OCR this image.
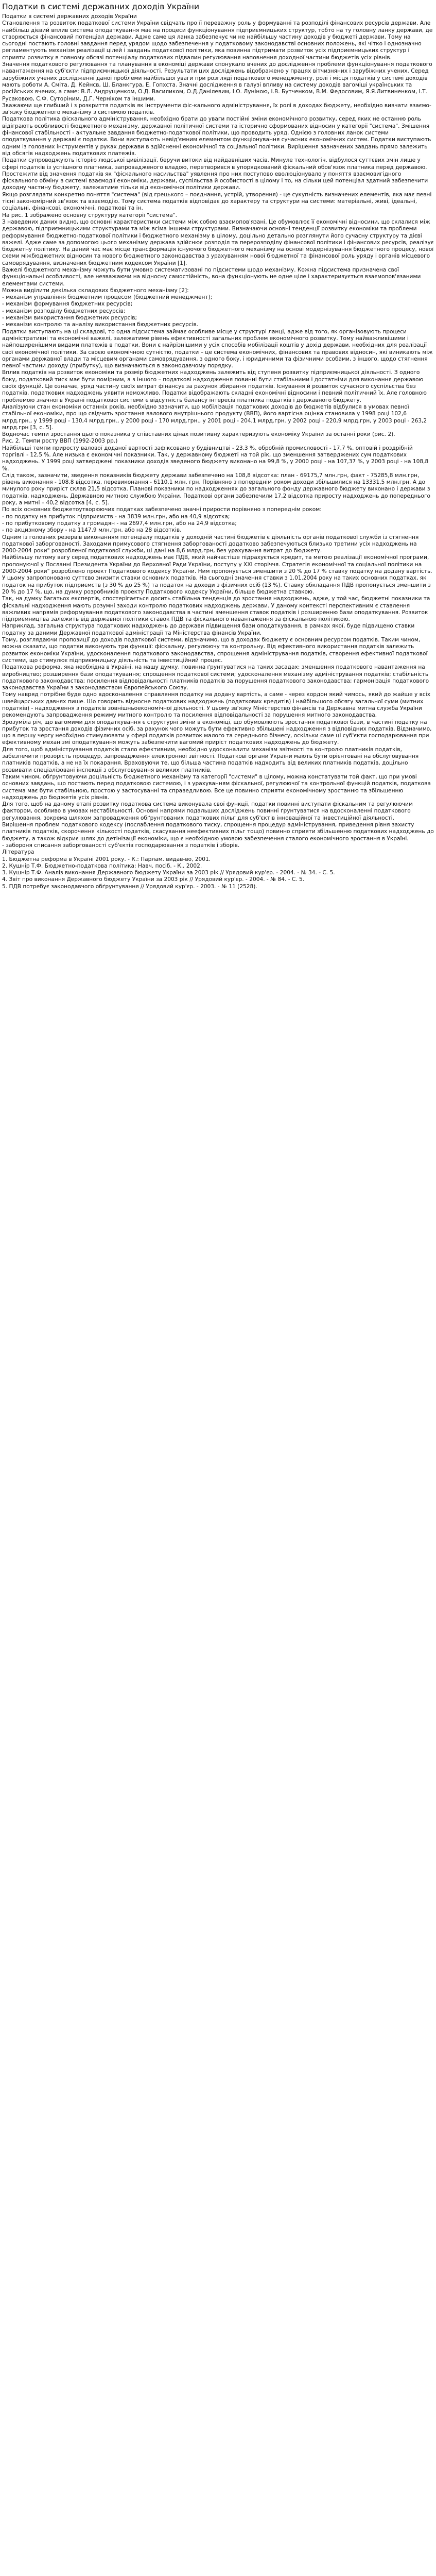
Податки в системі державних доходів України

Податки в системі державних доходів України

Становлення та розвиток податкової системи України свідчать про її переважну роль у формуванні та розподілі фінансових ресурсів держави. Але найбільш дієвий вплив система оподаткування має на процеси функціонування підприємницьких структур, тобто на ту головну ланку держави, де створюється фінансовий потенціал держави. Адже саме ця ланка забезпечує чи не найбільшу частину доходів у бюджеті держави. Тому на сьогодні постають головні завдання перед урядом щодо забезпечення у податковому законодавстві основних положень, які чітко і однозначно регламентують механізм реалізації цілей і завдань податкової політики, яка повинна підтримати розвиток усіх підприємницьких структур і сприяти розвитку в повному обсязі потенціалу податкових підвалин регулювання наповнення доходної частини бюджетів усіх рівнів.

Значення податкового регулювання та планування в економіці держави спонукало вчених до дослідження проблеми функціонування податкового навантаження на суб'єкти підприємницької діяльності. Результати цих досліджень відображено у працях вітчизняних і зарубіжних учених. Серед зарубіжних учених дослідженні даної проблеми найбільшої уваги при розгляді податкового менеджменту, ролі і місця податків у системі доходів мають роботи А. Сміта, Д. Кейнсв, Ш. Бланкгура, Е. Гопхста. Значні дослідження в галузі впливу на систему доходів вагоміші українських та російських вчених, а саме: В.Л. Андрущенком, О.Д. Василиком, О.Д.Данілевим, І.О. Луніною, І.В. Бутченком, В.М. Федосовим, Я.Я.Литвиненком, І.Т. Русаковою, С.Ф. Суторіним, Д.Г. Черніком та іншими.

Зважаючи ще глибший і з розкриття податків як інструменти фіс-кального адміністрування, їх ролі в доходах бюджету, необхідно вивчати взаємо-зв'язку бюджетного механізму з системою податків.

Податкова політика фіскального адміністрування, необхідно брати до уваги постійні зміни економічного розвитку, серед яких не останню роль відіграють особливості бюджетного механізму, державної політичної системи та історично сформованих відносин у категорії "система". Змішення фінансової стабільності - актуальне завдання бюджетно-податкової політики, що проводить уряд. Однією з головних ланок системи оподаткування у державі є податки. Вони виступають невід'ємним елементом функціонування сучасних економічних систем. Податки виступають одним із головних інструментів у руках держави в здійсненні економічної та соціальної політики. Вирішення зазначених завдань прямо залежить від обсягів надходжень податкових платежів.

Податки супроводжують історію людської цивілізації, беручи витоки від найдавніших часів. Минуле технологіч. відбулося суттєвих змін лише у сфері податків із успішного платника, запровадженого владою, перетворився в упорядкований фіскальний обов'язок платника перед державою. Простежити від значення податків як "фіскального насильства" уявлення про них поступово еволюціонувало у поняття взаємовигідного фіскального обміну в системі взаємодії економіки, держави, суспільства й особистості в цілому і то, на сільки цей потенціал здатний забезпечити доходну частину бюджету, залежатиме тільки від економічної політики держави.

Якщо розглядати конкретно поняття "система" (від грецького – поєднання, устрій, утворення) - це сукупність визначених елементів, яка має певні тісні закономірний зв'язок та взаємодію. Тому система податків відповідає до характеру та структури на системи: матеріальні, живі, ідеальні, соціальні, фінансові, економічні, податкові та ін.

На рис. 1 зображено основну структуру категорії "система".

З наведених даних видно, що основні характеристики системи між собою взаємопов'язані. Це обумовлює її економічні відносини, що склалися між державою, підприємницькими структурами та між всіма іншими структурами. Визначаючи основні тенденції розвитку економіки та проблеми реформування бюджетно-податкової політики і бюджетного механізму в цілому, доцільно детально розглянути його сучасну структуру та дієві важелі. Адже саме за допомогою цього механізму держава здійснює розподіл та перерозподілу фінансової політики і фінансових ресурсів, реалізує бюджетну політику. На даний час має місце трансформація існуючого бюджетного механізму на основі модернізування бюджетного процесу, нової схеми міжбюджетних відносин та нового бюджетного законодавства з урахуванням нової бюджетної та фінансової роль уряду і органів місцевого самоврядування, визначених бюджетним кодексом України [1].

Важелі бюджетного механізму можуть бути умовно систематизовані по підсистеми щодо механізму. Кожна підсистема призначена свої функціональні особливості, але незважаючи на відносну самостійність, вона функціонують не одне ціле і характеризується взаємопов'язаними елементами системи.

Можна виділити декілька складових бюджетного механізму [2]:

- механізм управління бюджетним процесом (бюджетний менеджмент);

- механізм формування бюджетних ресурсів;

- механізм розподілу бюджетних ресурсів;

- механізм використання бюджетних ресурсів;

- механізм контролю та аналізу використання бюджетних ресурсів.

Податки виступають на ці складові, то одна підсистема займає особливе місце у структурі ланці, адже від того, як організовують процеси адміністративні та економічні важелі, залежатиме рівень ефективності загальних проблем економічного розвитку. Тому найважливішими і найпоширенішими видами платежів в податки. Вони є найрізнішими у усіх способів мобілізації коштів у дохід держави, необхідних для реалізації свої економічної політики. За своєю економічною сутністю, податки – це система економічних, фінансових та правових відносин, які виникають між органами державної влади та місцевим органами самоврядування, з одного боку, і юридичними та фізичними особами, з іншого, щодо стягнення певної частини доходу (прибутку), що визначаються в законодавчому порядку.

Вплив податків на розвиток економіки та розмір бюджетних надходжень залежить від ступеня розвитку підприємницької діяльності. З одного боку, податковий тиск має бути помірним, а з іншого – податкові надходження повинні бути стабільними і достатніми для виконання державою своїх функцій. Це означає, уряд частину своїх витрат фінансує за рахунок збирання податків. Існування й розвиток сучасного суспільства без податків, податкових надходжень уявити неможливо. Податки відображають складні економічні відносини і певний політичний їх. Але головною проблемою значної в Україні податкової системи є відсутність балансу інтересів платника податків і державного бюджету.

Аналізуючи стан економіки останніх років, необхідно зазначити, що мобілізація податкових доходів до бюджетів відбулися в умовах певної стабільної економіки, про що свідчить зростання валового внутрішнього продукту (ВВП), його вартісна оцінка становила у 1998 році 102,6 млрд.грн., у 1999 році - 130,4 млрд.грн., у 2000 році - 170 млрд.грн., у 2001 році - 204,1 млрд.грн. у 2002 році - 220,9 млрд.грн, у 2003 році - 263,2 млрд.грн [3, с. 5].

Водночас темпи зростання цього показника у співставних цінах позитивну характеризують економіку України за останні роки (рис. 2).

Рис. 2. Темпи росту ВВП (1992-2003 рр.)

Найбільші темпи приросту валової доданої вартості зафіксовано у будівництві - 23,3 %, обробній промисловості - 17,7 %, оптовій і роздрібній торгівлі - 12,5 %. Але низька є економічні показники. Так, у державному бюджеті на той рік, що зменшення затверджених сум податкових надходжень. У 1999 році затверджені показники доходів зведеного бюджету виконано на 99,8 %, у 2000 році - на 107,37 %, у 2003 році - на 108,8 %.

Слід також, зазначити, зведення показників бюджету держави забезпечено на 108,8 відсотка: план - 69175,7 млн.грн, факт - 75285,8 млн.грн, рівень виконання - 108,8 відсотка, перевиконання - 6110,1 млн. грн. Порівняно з попереднім роком доходи збільшилися на 13331,5 млн.грн. А до минулого року приріст склав 21,5 відсотка. Планові показники по надходженнях до загального фонду державного бюджету виконано і держави з податків, надходжень, Державною митною службою України. Податкові органи забезпечили 17,2 відсотка приросту надходжень до попереднього року, а митні – 40,2 відсотка [4, с. 5].

По всіх основних бюджетоутворюючих податках забезпечено значні прирости порівняно з попереднім роком:

- по податку на прибуток підприємств - на 3839 млн.грн, або на 40,9 відсотка;

- по прибутковому податку з громадян - на 2697,4 млн.грн, або на 24,9 відсотка;

- по акцизному збору - на 1147,9 млн.грн, або на 28 відсотків.

Одним із головних резервів виконанням потенціалу податків у доходній частині бюджетів є діяльність органів податкової служби із стягнення податкової заборгованості. Заходами примусового стягнення заборгованості додатково забезпечуються близько третини усіх надходжень на 2000-2004 роки" розробленої податкової служби, ці дані на 8,6 млрд.грн, без урахування витрат до бюджету.

Найбільшу питому вагу серед податкових надходжень має ПДВ, який найчастіше підрахується кредит, та метою реалізації економічної програми, пропонуючої у Посланні Президента України до Верховної Ради України, поступу у ХХІ сторіччя. Стратегія економічної та соціальної політики на 2000-2004 роки" розроблено проект Податкового кодексу України. Ним пропонується зменшити з 20 % до 17 % ставку податку на додану вартість. У цьому запропоновано суттєво знизити ставки основних податків. На сьогодні значення ставки з 1.01.2004 року на таких основних податках, як податок на прибуток підприємств (з 30 % до 25 %) та податок на доходи з фізичних осіб (13 %). Ставку обкладання ПДВ пропонується зменшити з 20 % до 17 %, що, на думку розробників проекту Податкового кодексу України, більше бюджетна ставкою.

Так, на думку багатьох експертів, спостерігається досить стабільна тенденція до зростання надходжень, адже, у той час, бюджетні показники та фіскальні надходження мають розумні заходи контролю податкових надходжень держави. У даному контексті перспективним є ставлення важливих напрямів реформування податкового законодавства в частині зменшення ставок податків і розширенню бази оподаткування. Розвиток підприємництва залежить від державної політики ставок ПДВ та фіскального навантаження за фіскальною політикою.

Наприклад, загальна структура податкових надходжень до держави підвищення бази оподаткування, в рамках якої, буде підвищено ставки податку за даними Державної податкової адміністрації та Міністерства фінансів України.

Тому, розглядаючи пропозиції до доходів податкової системи, відзначимо, що в доходах бюджету є основним ресурсом податків. Таким чином, можна сказати, що податки виконують три функції: фіскальну, регулюючу та контрольну. Від ефективного використання податків залежить розвиток економіки України, удосконалення податкового законодавства, спрощення адміністрування податків, створення ефективної податкової системи, що стимулює підприємницьку діяльність та інвестиційний процес.

Податкова реформа, яка необхідна в Україні, на нашу думку, повинна ґрунтуватися на таких засадах: зменшення податкового навантаження на виробництво; розширення бази оподаткування; спрощення податкової системи; удосконалення механізму адміністрування податків; стабільність податкового законодавства; посилення відповідальності платників податків за порушення податкового законодавства; гармонізація податкового законодавства України з законодавством Європейського Союзу.

Тому навряд потрібне буде одно вдосконалення справляння податку на додану вартість, а саме - через кордон який чимось, який до жайше у всіх швейцарських давнях пише. Шо говорить відносне податкових надходжень (податкових кредитів) і найбільшого обсягу загальної суми (митних податків) - надходження з податків зовнішньоекономічної діяльності. У цьому зв'язку Міністерство фінансів та Державна митна служба України рекомендують запровадження режиму митного контролю та посилення відповідальності за порушення митного законодавства.

Зрозуміла річ, що вагомими для оподаткування є структурні зміни в економіці, що обумовлюють зростання податкової бази, в частині податку на прибуток та зростання доходів фізичних осіб, за рахунок чого можуть бути ефективно збільшені надходження з відповідних податків. Відзначимо, що в першу чергу необхідно стимулювати у сфері податків розвиток малого та середнього бізнесу, оскільки саме ці суб'єкти господарювання при ефективному механізмі оподаткування можуть забезпечити вагомий приріст податкових надходжень до бюджету.

Для того, щоб адміністрування податків стало ефективним, необхідно удосконалити механізм звітності та контролю платників податків, забезпечити прозорість процедур, запровадження електронної звітності. Податкові органи України мають бути орієнтовані на обслуговування платників податків, а не на їх покарання. Враховуючи те, що більша частина податків надходить від великих платників податків, доцільно розвивати спеціалізовані інспекції з обслуговування великих платників.

Таким чином, обґрунтовуючи доцільність бюджетного механізму та категорії "системи" в цілому, можна констатувати той факт, що при умові основних завдань, що постають перед податковою системою, і з урахуванням фіскальної, регулюючої та контрольної функцій податків, податкова система має бути стабільною, простою у застосуванні та справедливою. Все це повинно сприяти економічному зростанню та збільшенню надходжень до бюджетів усіх рівнів.

Для того, щоб на даному етапі розвитку податкова система виконувала свої функції, податки повинні виступати фіскальним та регулюючим фактором, особливо в умовах нестабільності. Основні напрями подальших досліджень повинні ґрунтуватися на вдосконаленні податкового регулювання, зокрема шляхом запровадження обґрунтованих податкових пільг для суб'єктів інноваційної та інвестиційної діяльності.

Вирішення проблем податкового кодексу (послаблення податкового тиску, спрощення процедур адміністрування, приведення рівня захисту платників податків, скорочення кількості податків, скасування неефективних пільг тощо) повинно сприяти збільшенню податкових надходжень до бюджету, а також відкриє шлях до детінізації економіки, що є необхідною умовою забезпечення сталого економічного зростання в Україні.

- забороня списання заборгованості суб'єктів господарювання з податків і зборів.

Література

1. Бюджетна реформа в Україні 2001 року. - К.: Парлам. видав-во, 2001.

2. Кушнір Т.Ф. Бюджетно-податкова політика: Навч. посіб. - К., 2002.

3. Кушнір Т.Ф. Аналіз виконання Державного бюджету України за 2003 рік // Урядовий кур'єр. - 2004. - № 34. - С. 5.

4. Звіт про виконання Державного бюджету України за 2003 рік // Урядовий кур'єр. - 2004. - № 84. - С. 5.

5. ПДВ потребує законодавчого обґрунтування // Урядовий кур'єр. - 2003. - № 11 (2528).
